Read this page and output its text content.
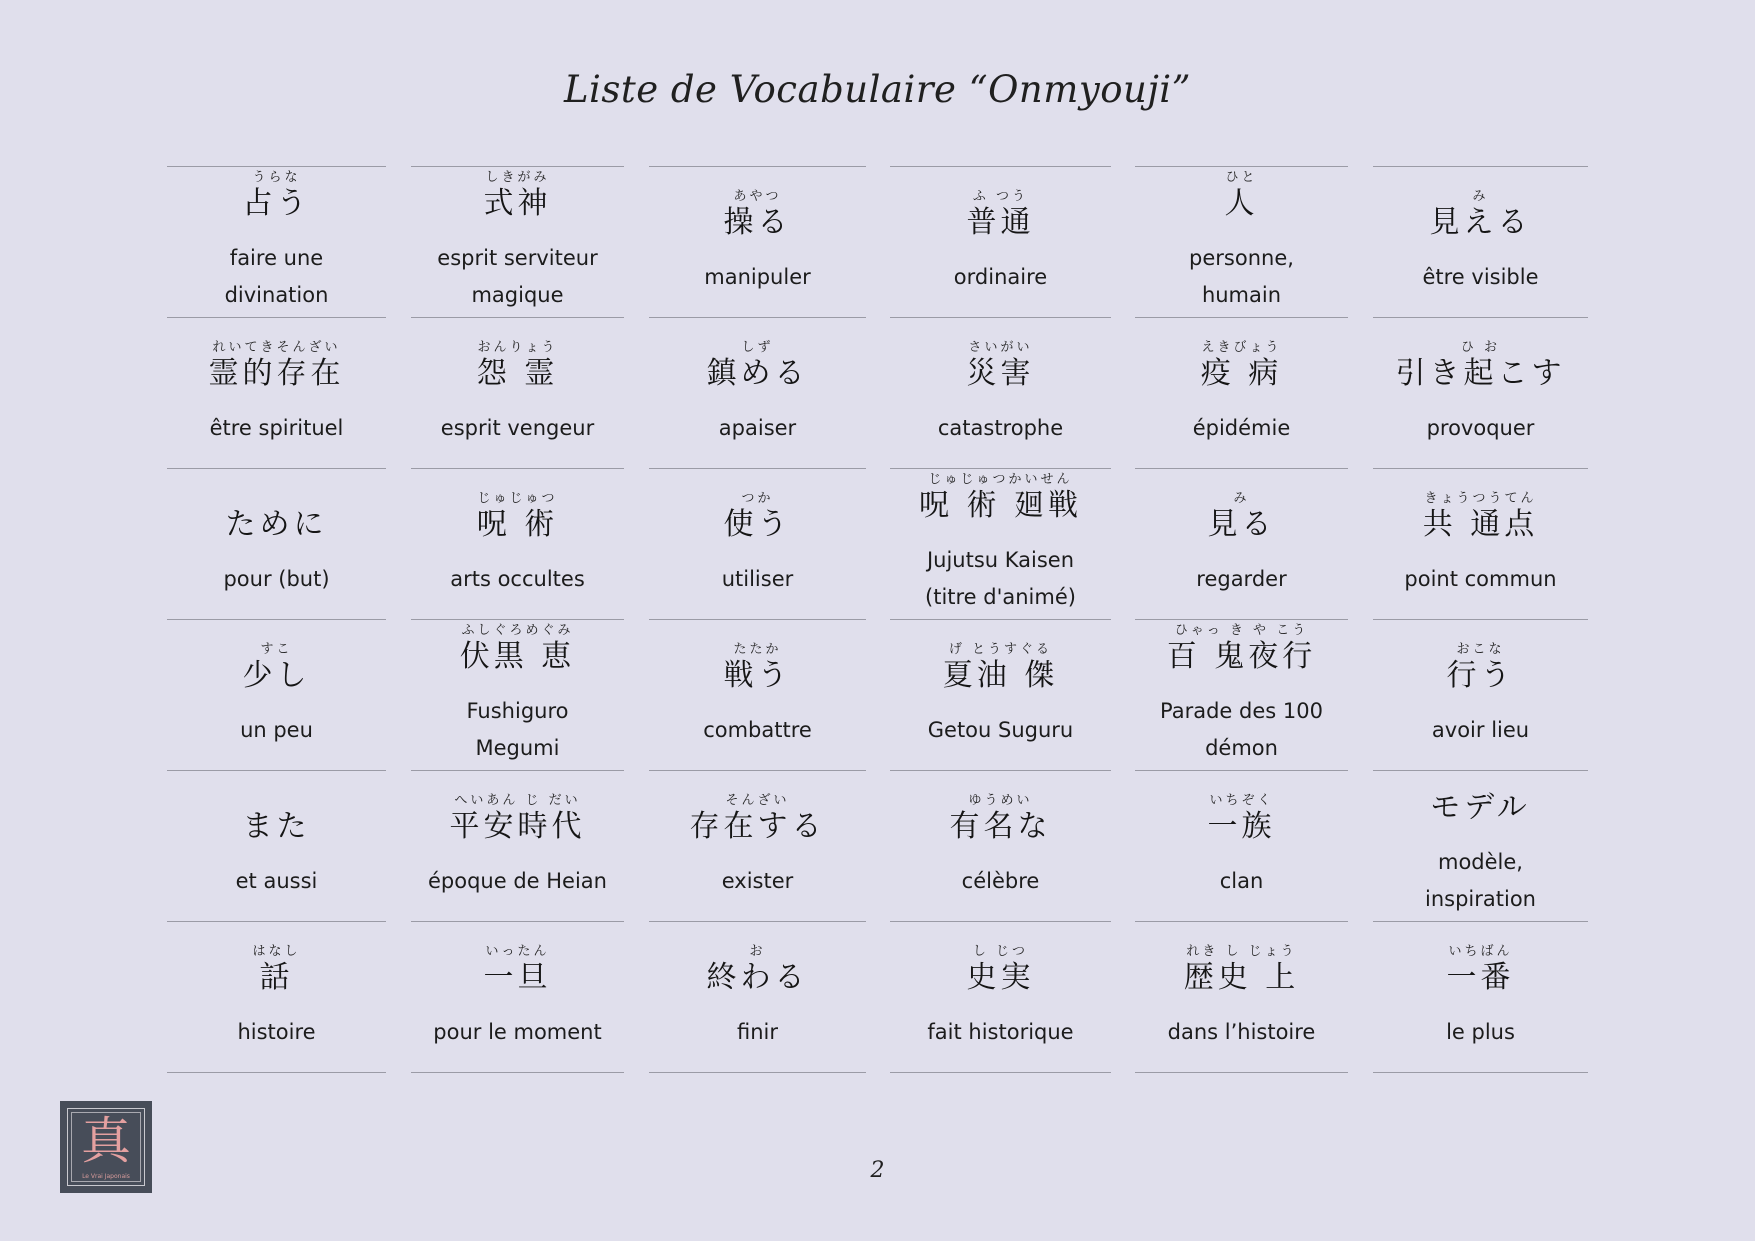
Liste de Vocabulaire “Onmyouji”
うらな
占う
faire une
divination
れいてきそんざい
霊的存在
être spirituel
ために
pour (but)
すこ
少し
un peu
また
et aussi
はなし
話
histoire
しきがみ
式神
esprit serviteur
magique
おんりょう
怨 霊
esprit vengeur
じゅじゅつ
呪 術
arts occultes
ふしぐろめぐみ
伏黒 恵
Fushiguro
Megumi
へいあん じ だい
平安時代
époque de Heian
いったん
一旦
pour le moment
あやつ
操る
manipuler
しず
鎮める
apaiser
つか
使う
utiliser
たたか
戦う
combattre
そんざい
存在する
exister
お
終わる
finir
ふ つう
普通
ordinaire
さいがい
災害
catastrophe
じゅじゅつかいせん
呪 術 廻戦
Jujutsu Kaisen
(titre d'animé)
げ とうすぐる
夏油 傑
Getou Suguru
ゆうめい
有名な
célèbre
し じつ
史実
fait historique
ひと
人
personne,
humain
えきびょう
疫 病
épidémie
み
見る
regarder
ひゃっ き や こう
百 鬼夜行
Parade des 100
démon
いちぞく
一族
clan
れき し じょう
歴史 上
dans l’histoire
み
見える
être visible
ひ お
引き起こす
provoquer
きょうつうてん
共 通点
point commun
おこな
行う
avoir lieu
モデル
modèle,
inspiration
いちばん
一番
le plus
真
Le Vrai Japonais	2
